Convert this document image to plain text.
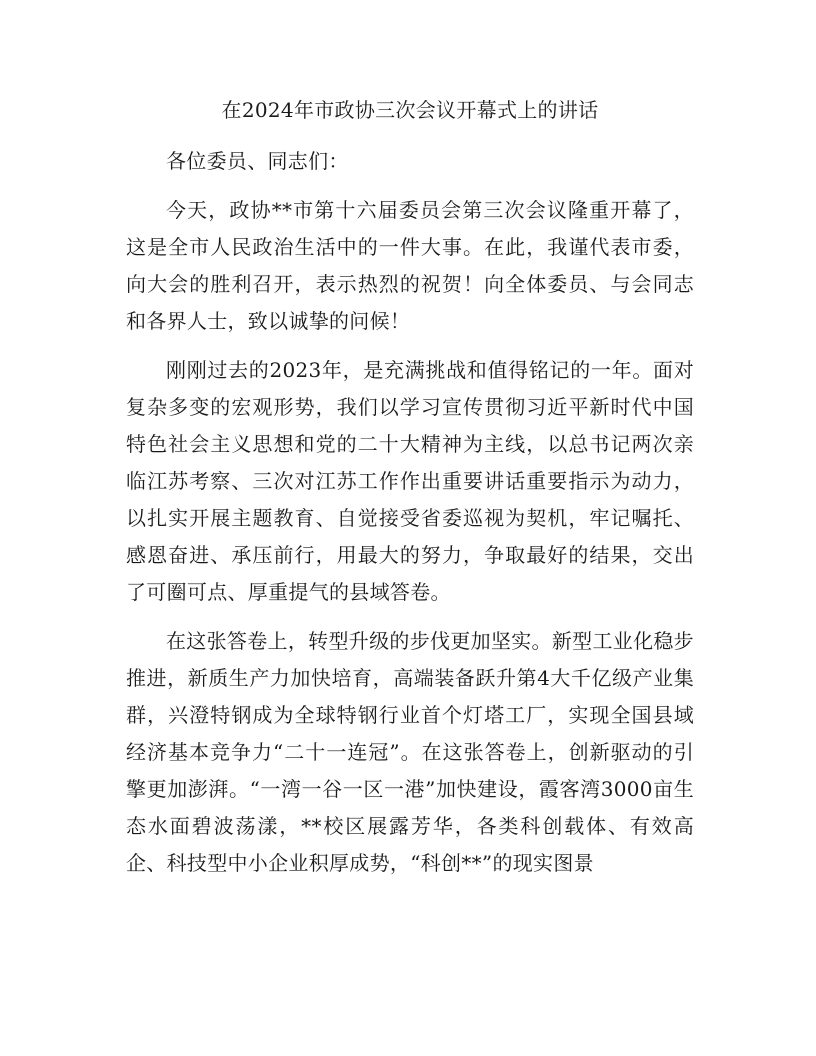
在2024年市政协三次会议开幕式上的讲话

各位委员、同志们：

今天，政协**市第十六届委员会第三次会议隆重开幕了，这是全市人民政治生活中的一件大事。在此，我谨代表市委，向大会的胜利召开，表示热烈的祝贺！向全体委员、与会同志和各界人士，致以诚挚的问候！

刚刚过去的2023年，是充满挑战和值得铭记的一年。面对复杂多变的宏观形势，我们以学习宣传贯彻习近平新时代中国特色社会主义思想和党的二十大精神为主线，以总书记两次亲临江苏考察、三次对江苏工作作出重要讲话重要指示为动力，以扎实开展主题教育、自觉接受省委巡视为契机，牢记嘱托、感恩奋进、承压前行，用最大的努力，争取最好的结果，交出了可圈可点、厚重提气的县域答卷。

在这张答卷上，转型升级的步伐更加坚实。新型工业化稳步推进，新质生产力加快培育，高端装备跃升第4大千亿级产业集群，兴澄特钢成为全球特钢行业首个灯塔工厂，实现全国县域经济基本竞争力“二十一连冠”。在这张答卷上，创新驱动的引擎更加澎湃。“一湾一谷一区一港”加快建设，霞客湾3000亩生态水面碧波荡漾，**校区展露芳华，各类科创载体、有效高企、科技型中小企业积厚成势，“科创**”的现实图景
